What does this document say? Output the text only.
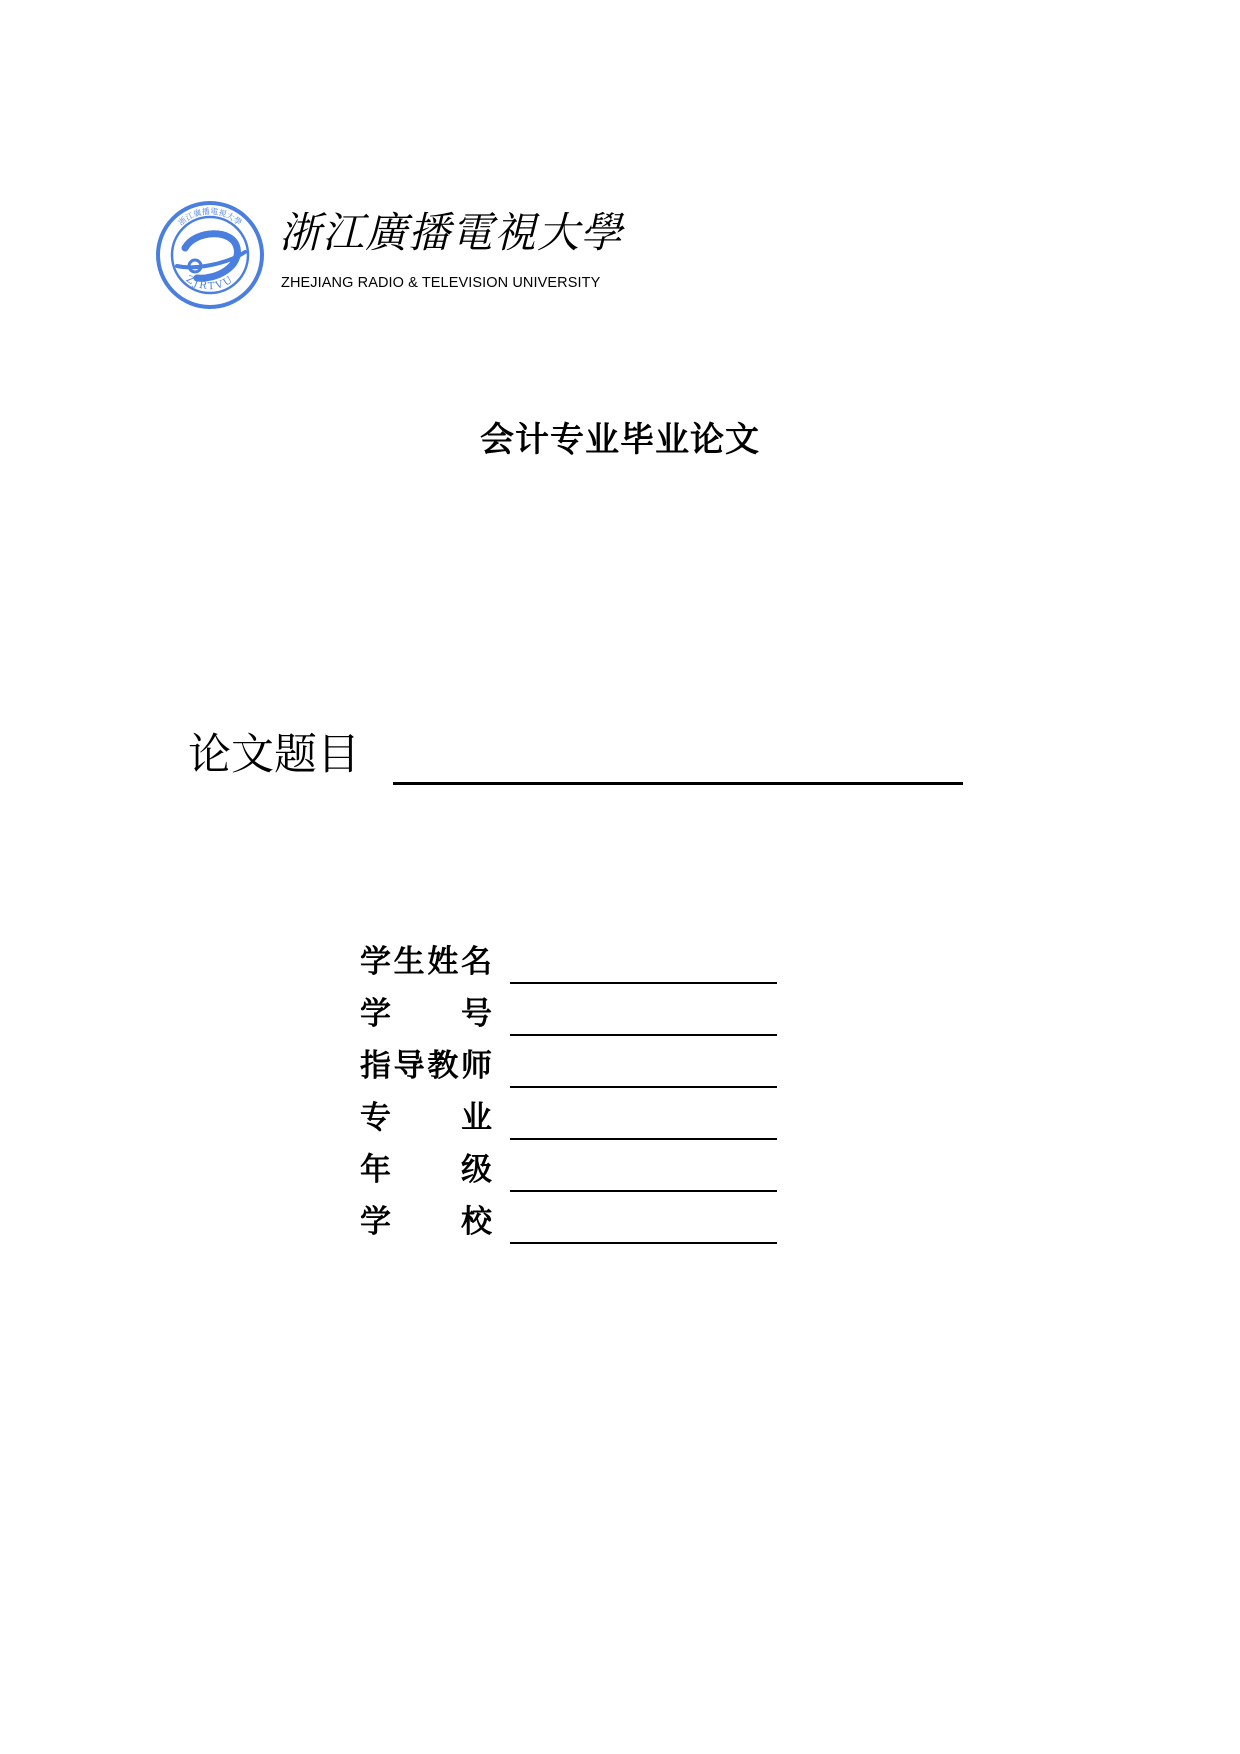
浙江廣播電視大學
ZJRTVU
浙江廣播電視大學
ZHEJIANG RADIO & TELEVISION UNIVERSITY
会计专业毕业论文
论文题目
学生姓名
学 号
指导教师
专 业
年 级
学 校
